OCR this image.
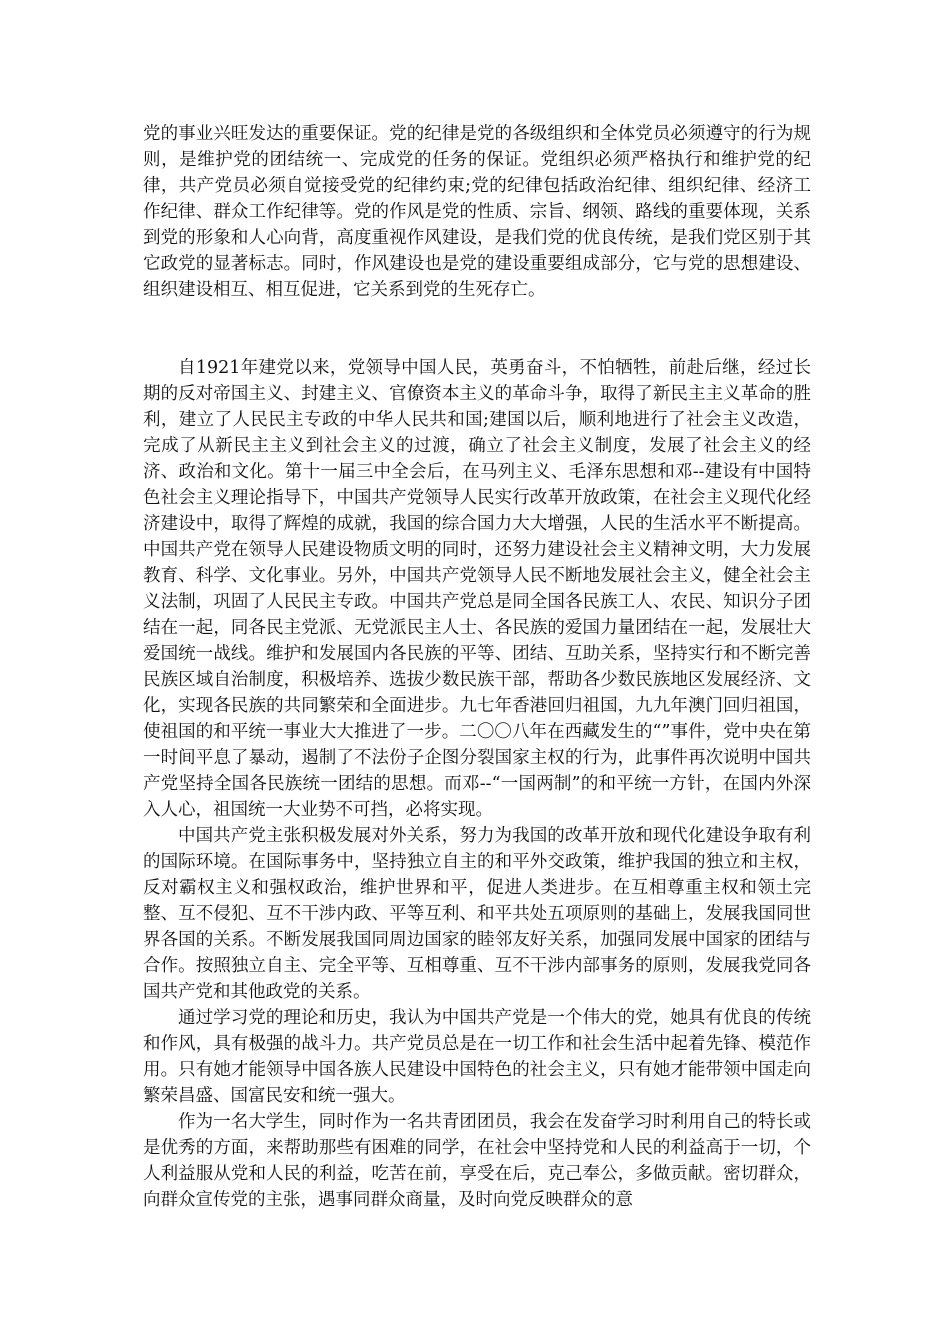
党的事业兴旺发达的重要保证。党的纪律是党的各级组织和全体党员必须遵守的行为规则，是维护党的团结统一、完成党的任务的保证。党组织必须严格执行和维护党的纪律，共产党员必须自觉接受党的纪律约束;党的纪律包括政治纪律、组织纪律、经济工作纪律、群众工作纪律等。党的作风是党的性质、宗旨、纲领、路线的重要体现，关系到党的形象和人心向背，高度重视作风建设，是我们党的优良传统，是我们党区别于其它政党的显著标志。同时，作风建设也是党的建设重要组成部分，它与党的思想建设、组织建设相互、相互促进，它关系到党的生死存亡。

自1921年建党以来，党领导中国人民，英勇奋斗，不怕牺牲，前赴后继，经过长期的反对帝国主义、封建主义、官僚资本主义的革命斗争，取得了新民主主义革命的胜利，建立了人民民主专政的中华人民共和国;建国以后，顺利地进行了社会主义改造，完成了从新民主主义到社会主义的过渡，确立了社会主义制度，发展了社会主义的经济、政治和文化。第十一届三中全会后，在马列主义、毛泽东思想和邓--建设有中国特色社会主义理论指导下，中国共产党领导人民实行改革开放政策，在社会主义现代化经济建设中，取得了辉煌的成就，我国的综合国力大大增强，人民的生活水平不断提高。中国共产党在领导人民建设物质文明的同时，还努力建设社会主义精神文明，大力发展教育、科学、文化事业。另外，中国共产党领导人民不断地发展社会主义，健全社会主义法制，巩固了人民民主专政。中国共产党总是同全国各民族工人、农民、知识分子团结在一起，同各民主党派、无党派民主人士、各民族的爱国力量团结在一起，发展壮大爱国统一战线。维护和发展国内各民族的平等、团结、互助关系，坚持实行和不断完善民族区域自治制度，积极培养、选拔少数民族干部，帮助各少数民族地区发展经济、文化，实现各民族的共同繁荣和全面进步。九七年香港回归祖国，九九年澳门回归祖国，使祖国的和平统一事业大大推进了一步。二〇〇八年在西藏发生的“”事件，党中央在第一时间平息了暴动，遏制了不法份子企图分裂国家主权的行为，此事件再次说明中国共产党坚持全国各民族统一团结的思想。而邓--“一国两制”的和平统一方针，在国内外深入人心，祖国统一大业势不可挡，必将实现。

中国共产党主张积极发展对外关系，努力为我国的改革开放和现代化建设争取有利的国际环境。在国际事务中，坚持独立自主的和平外交政策，维护我国的独立和主权，反对霸权主义和强权政治，维护世界和平，促进人类进步。在互相尊重主权和领土完整、互不侵犯、互不干涉内政、平等互利、和平共处五项原则的基础上，发展我国同世界各国的关系。不断发展我国同周边国家的睦邻友好关系，加强同发展中国家的团结与合作。按照独立自主、完全平等、互相尊重、互不干涉内部事务的原则，发展我党同各国共产党和其他政党的关系。

通过学习党的理论和历史，我认为中国共产党是一个伟大的党，她具有优良的传统和作风，具有极强的战斗力。共产党员总是在一切工作和社会生活中起着先锋、模范作用。只有她才能领导中国各族人民建设中国特色的社会主义，只有她才能带领中国走向繁荣昌盛、国富民安和统一强大。

作为一名大学生，同时作为一名共青团团员，我会在发奋学习时利用自己的特长或是优秀的方面，来帮助那些有困难的同学，在社会中坚持党和人民的利益高于一切，个人利益服从党和人民的利益，吃苦在前，享受在后，克己奉公，多做贡献。密切群众，向群众宣传党的主张，遇事同群众商量，及时向党反映群众的意
